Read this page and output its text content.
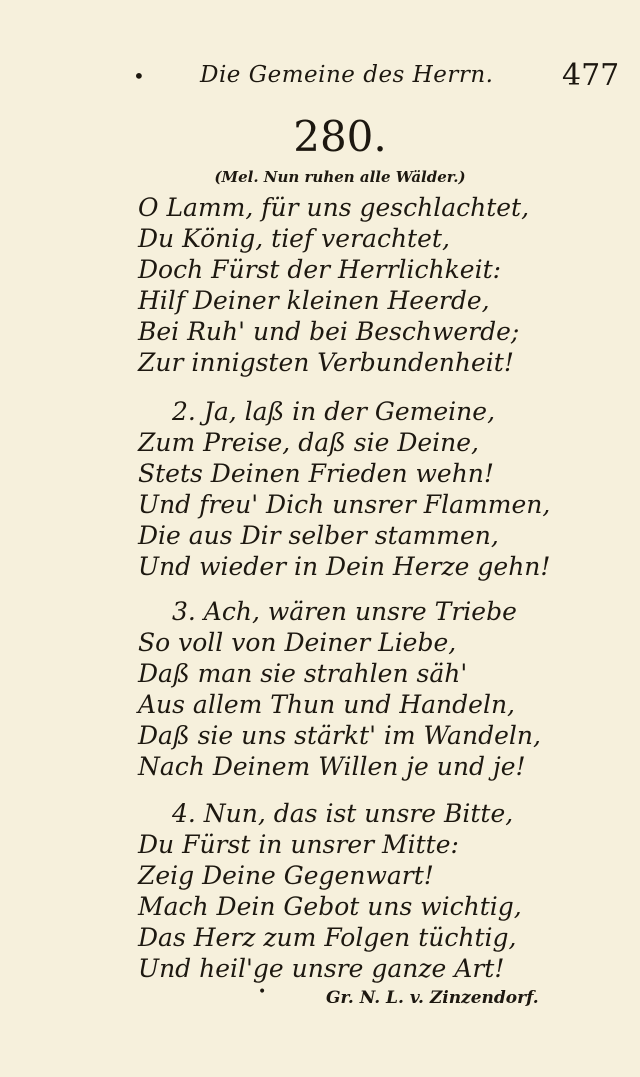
• Die Gemeine des Herrn. 477
280.
(Mel. Nun ruhen alle Wälder.)
O Lamm, für uns geschlachtet,
Du König, tief verachtet,
Doch Fürst der Herrlichkeit:
Hilf Deiner kleinen Heerde,
Bei Ruh' und bei Beschwerde;
Zur innigsten Verbundenheit!
2. Ja, laß in der Gemeine,
Zum Preise, daß sie Deine,
Stets Deinen Frieden wehn!
Und freu' Dich unsrer Flammen,
Die aus Dir selber stammen,
Und wieder in Dein Herze gehn!
3. Ach, wären unsre Triebe
So voll von Deiner Liebe,
Daß man sie strahlen säh'
Aus allem Thun und Handeln,
Daß sie uns stärkt' im Wandeln,
Nach Deinem Willen je und je!
4. Nun, das ist unsre Bitte,
Du Fürst in unsrer Mitte:
Zeig Deine Gegenwart!
Mach Dein Gebot uns wichtig,
Das Herz zum Folgen tüchtig,
Und heil'ge unsre ganze Art!
•	Gr. N. L. v. Zinzendorf.
